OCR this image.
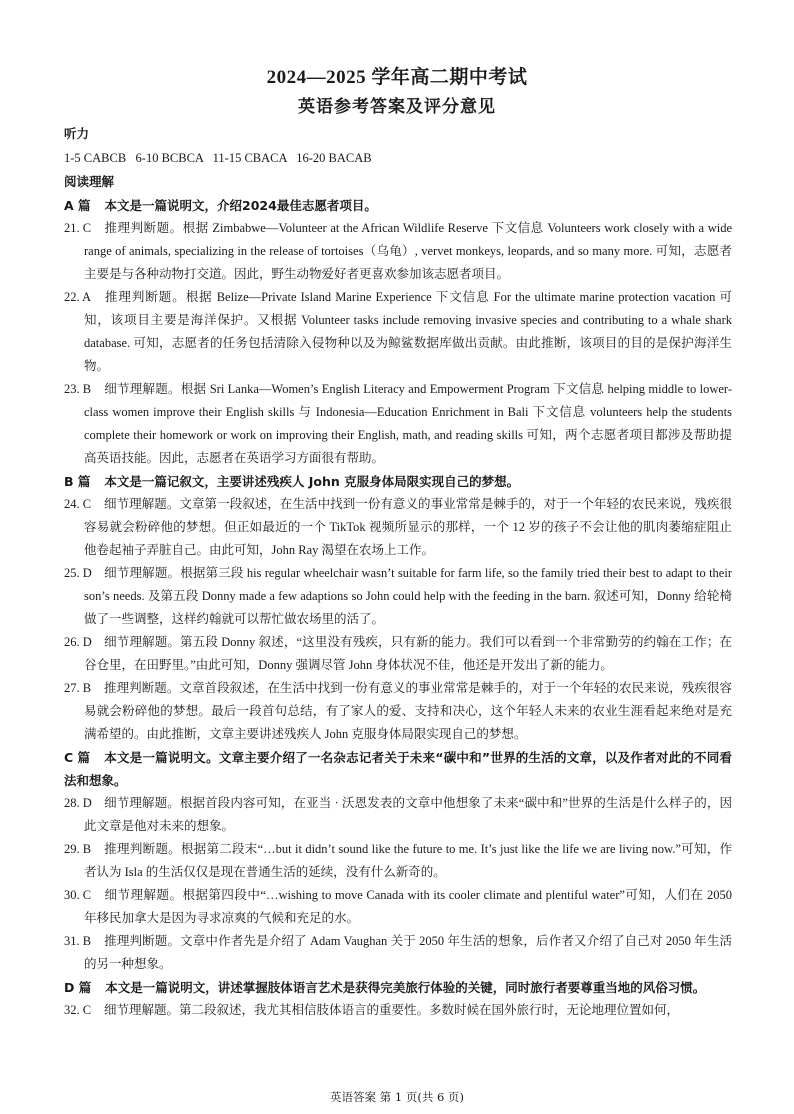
2024—2025 学年高二期中考试
英语参考答案及评分意见

听力

1-5 CABCB   6-10 BCBCA   11-15 CBACA   16-20 BACAB

阅读理解

A 篇 本文是一篇说明文，介绍2024最佳志愿者项目。

21. C 推理判断题。根据 Zimbabwe—Volunteer at the African Wildlife Reserve 下文信息 Volunteers work closely with a wide range of animals, specializing in the release of tortoises（乌龟）, vervet monkeys, leopards, and so many more. 可知，志愿者主要是与各种动物打交道。因此，野生动物爱好者更喜欢参加该志愿者项目。

22. A 推理判断题。根据 Belize—Private Island Marine Experience 下文信息 For the ultimate marine protection vacation 可知，该项目主要是海洋保护。又根据 Volunteer tasks include removing invasive species and contributing to a whale shark database. 可知，志愿者的任务包括清除入侵物种以及为鲸鲨数据库做出贡献。由此推断，该项目的目的是保护海洋生物。

23. B 细节理解题。根据 Sri Lanka—Women’s English Literacy and Empowerment Program 下文信息 helping middle to lower-class women improve their English skills 与 Indonesia—Education Enrichment in Bali 下文信息 volunteers help the students complete their homework or work on improving their English, math, and reading skills 可知，两个志愿者项目都涉及帮助提高英语技能。因此，志愿者在英语学习方面很有帮助。

B 篇 本文是一篇记叙文，主要讲述残疾人 John 克服身体局限实现自己的梦想。

24. C 细节理解题。文章第一段叙述，在生活中找到一份有意义的事业常常是棘手的，对于一个年轻的农民来说，残疾很容易就会粉碎他的梦想。但正如最近的一个 TikTok 视频所显示的那样，一个 12 岁的孩子不会让他的肌肉萎缩症阻止他卷起袖子弄脏自己。由此可知，John Ray 渴望在农场上工作。

25. D 细节理解题。根据第三段 his regular wheelchair wasn’t suitable for farm life, so the family tried their best to adapt to their son’s needs. 及第五段 Donny made a few adaptions so John could help with the feeding in the barn. 叙述可知，Donny 给轮椅做了一些调整，这样约翰就可以帮忙做农场里的活了。

26. D 细节理解题。第五段 Donny 叙述，“这里没有残疾，只有新的能力。我们可以看到一个非常勤劳的约翰在工作；在谷仓里，在田野里。”由此可知，Donny 强调尽管 John 身体状况不佳，他还是开发出了新的能力。

27. B 推理判断题。文章首段叙述，在生活中找到一份有意义的事业常常是棘手的，对于一个年轻的农民来说，残疾很容易就会粉碎他的梦想。最后一段首句总结，有了家人的爱、支持和决心，这个年轻人未来的农业生涯看起来绝对是充满希望的。由此推断，文章主要讲述残疾人 John 克服身体局限实现自己的梦想。

C 篇 本文是一篇说明文。文章主要介绍了一名杂志记者关于未来“碳中和”世界的生活的文章，以及作者对此的不同看法和想象。

28. D 细节理解题。根据首段内容可知，在亚当 · 沃恩发表的文章中他想象了未来“碳中和”世界的生活是什么样子的，因此文章是他对未来的想象。

29. B 推理判断题。根据第二段末“…but it didn’t sound like the future to me. It’s just like the life we are living now.”可知，作者认为 Isla 的生活仅仅是现在普通生活的延续，没有什么新奇的。

30. C 细节理解题。根据第四段中“…wishing to move Canada with its cooler climate and plentiful water”可知，人们在 2050 年移民加拿大是因为寻求凉爽的气候和充足的水。

31. B 推理判断题。文章中作者先是介绍了 Adam Vaughan 关于 2050 年生活的想象，后作者又介绍了自己对 2050 年生活的另一种想象。

D 篇 本文是一篇说明文，讲述掌握肢体语言艺术是获得完美旅行体验的关键，同时旅行者要尊重当地的风俗习惯。

32. C 细节理解题。第二段叙述，我尤其相信肢体语言的重要性。多数时候在国外旅行时，无论地理位置如何，

英语答案 第 1 页(共 6 页)
